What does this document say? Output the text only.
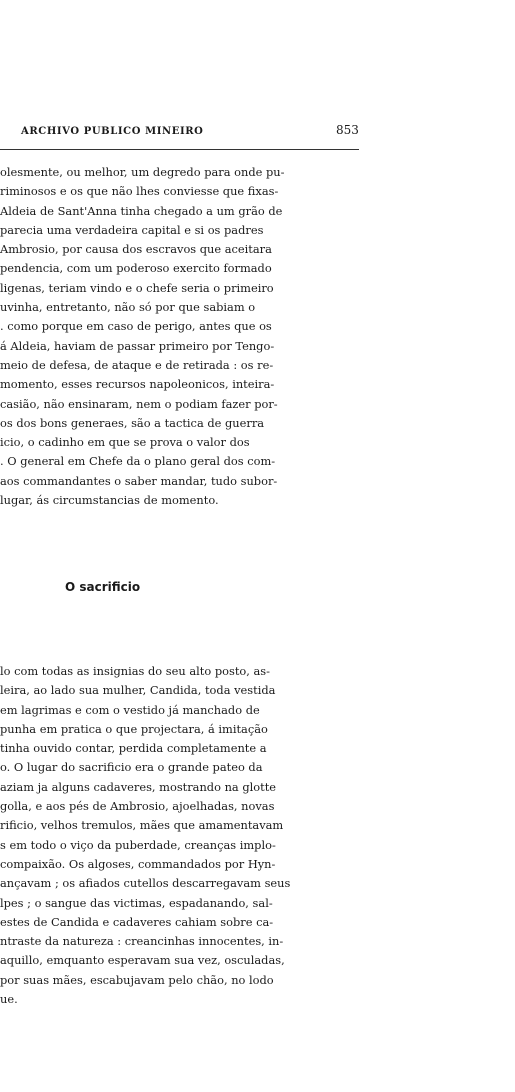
ARCHIVO PUBLICO MINEIRO	853
olesmente, ou melhor, um degredo para onde pu-
riminosos e os que não lhes conviesse que fixas-
Aldeia de Sant'Anna tinha chegado a um grão de
parecia uma verdadeira capital e si os padres
Ambrosio, por causa dos escravos que aceitara
pendencia, com um poderoso exercito formado
ligenas, teriam vindo e o chefe seria o primeiro
uvinha, entretanto, não só por que sabiam o
. como porque em caso de perigo, antes que os
á Aldeia, haviam de passar primeiro por Tengo-
meio de defesa, de ataque e de retirada : os re-
momento, esses recursos napoleonicos, inteira-
casião, não ensinaram, nem o podiam fazer por-
os dos bons generaes, são a tactica de guerra
icio, o cadinho em que se prova o valor dos
. O general em Chefe da o plano geral dos com-
aos commandantes o saber mandar, tudo subor-
lugar, ás circumstancias de momento.
O sacrificio
lo com todas as insignias do seu alto posto, as-
leira, ao lado sua mulher, Candida, toda vestida
em lagrimas e com o vestido já manchado de
punha em pratica o que projectara, á imitação
tinha ouvido contar, perdida completamente a
o. O lugar do sacrificio era o grande pateo da
aziam ja alguns cadaveres, mostrando na glotte
golla, e aos pés de Ambrosio, ajoelhadas, novas
rificio, velhos tremulos, mães que amamentavam
s em todo o viço da puberdade, creanças implo-
compaixão. Os algoses, commandados por Hyn-
ançavam ; os afiados cutellos descarregavam seus
lpes ; o sangue das victimas, espadanando, sal-
estes de Candida e cadaveres cahiam sobre ca-
ntraste da natureza : creancinhas innocentes, in-
aquillo, emquanto esperavam sua vez, osculadas,
por suas mães, escabujavam pelo chão, no lodo
ue.
